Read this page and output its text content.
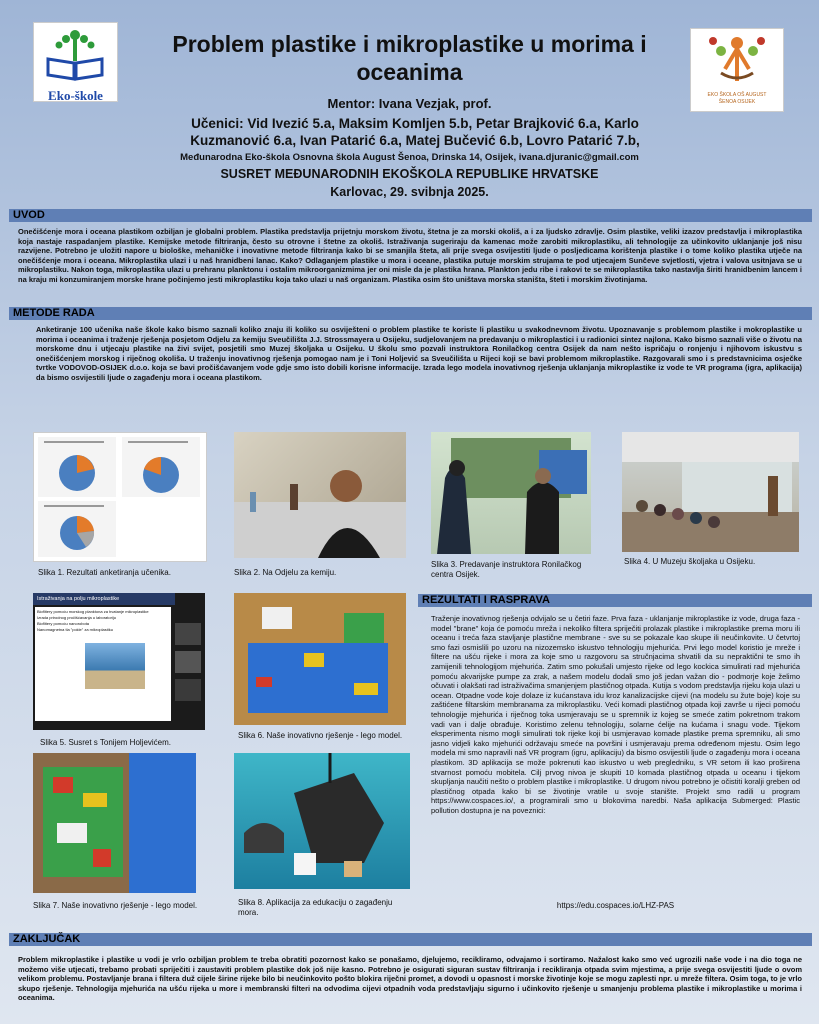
Eko-škole	EKO ŠKOLA OŠ AUGUST ŠENOA OSIJEK
Problem plastike i mikroplastike u morima i oceanima
Mentor: Ivana Vezjak, prof.
Učenici: Vid Ivezić 5.a, Maksim Komljen 5.b, Petar Brajković 6.a, Karlo Kuzmanović 6.a, Ivan Patarić 6.a, Matej Bučević 6.b, Lovro Patarić 7.b,
Međunarodna Eko-škola Osnovna škola August Šenoa, Drinska 14, Osijek, ivana.djuranic@gmail.com
SUSRET MEĐUNARODNIH EKOŠKOLA REPUBLIKE HRVATSKE
Karlovac, 29. svibnja 2025.
UVOD
Onečišćenje mora i oceana plastikom ozbiljan je globalni problem. Plastika predstavlja prijetnju morskom životu, štetna je za morski okoliš, a i za ljudsko zdravlje. Osim plastike, veliki izazov predstavlja i mikroplastika koja nastaje raspadanjem plastike. Kemijske metode filtriranja, često su otrovne i štetne za okoliš. Istraživanja sugeriraju da kamenac može zarobiti mikroplastiku, ali tehnologije za učinkovito uklanjanje još nisu razvijene. Potrebno je uložiti napore u biološke, mehaničke i inovativne metode filtriranja kako bi se smanjila šteta, ali prije svega osvijestiti ljude o posljedicama korištenja plastike i o tome koliko plastika utječe na onečišćenje mora i oceana. Mikroplastika ulazi i u naš hranidbeni lanac. Kako? Odlaganjem plastike u mora i oceane, plastika putuje morskim strujama te pod utjecajem Sunčeve svjetlosti, vjetra i valova usitnjava se u mikroplastiku. Nakon toga, mikroplastika ulazi u prehranu planktonu i ostalim mikroorganizmima jer oni misle da je plastika hrana. Plankton jedu ribe i rakovi te se mikroplastika tako nastavlja širiti hranidbenim lancem i na kraju mi konzumiranjem morske hrane počinjemo jesti mikroplastiku koja tako ulazi u naš organizam. Plastika osim što uništava morska staništa, šteti i morskim životinjama.
METODE RADA
Anketiranje 100 učenika naše škole kako bismo saznali koliko znaju ili koliko su osviješteni o problem plastike te koriste li plastiku u svakodnevnom životu. Upoznavanje s problemom plastike i mokroplastike u morima i oceanima i traženje rješenja posjetom Odjelu za kemiju Sveučilišta J.J. Strossmayera u Osijeku, sudjelovanjem na predavanju o mikroplastici i u radionici sintez najlona. Kako bismo saznali više o životu na morskome dnu i utjecaju plastike na živi svijet, posjetili smo Muzej školjaka u Osijeku. U školu smo pozvali instruktora Ronilačkog centra Osijek da nam nešto ispričaju o ronjenju i njihovom iskustvu s onečišćenjem morskog i riječnog okoliša. U traženju inovativnog rješenja pomogao nam je i Toni Holjević sa Sveučilišta u Rijeci koji se bavi problemom mikroplastike. Razgovarali smo i s predstavnicima osječke tvrtke VODOVOD-OSIJEK d.o.o. koja se bavi pročišćavanjem vode gdje smo isto dobili korisne informacije. Izrada lego modela inovativnog rješenja uklanjanja mikroplastike iz vode te VR programa (igra, aplikacija) da bismo osvijestili ljude o zagađenju mora i oceana plastikom.
Slika 1. Rezultati anketiranja učenika.	Slika 2. Na Odjelu za kemiju.
Slika 3. Predavanje instruktora Ronilačkog centra Osijek.
Slika 4. U Muzeju školjaka u Osijeku.
Istraživanja na polju mikroplastike
Bioflitery pomoću morskog planktona za hvatanje mikroplastike
Izrada prirodnog pročišćavanja u laboratoriju
Bioflitery pomoću nanorobota
Nanomagnetna tla "pokle" za mikroplastiku
Slika 5. Susret s Tonijem Holjevićem.
Slika 6. Naše inovativno rješenje - lego model.
Slika 7. Naše inovativno rješenje - lego model.	Slika 8. Aplikacija za edukaciju o zagađenju mora.
REZULTATI I RASPRAVA
Traženje inovativnog rješenja odvijalo se u četiri faze. Prva faza - uklanjanje mikroplastike iz vode, druga faza - model "brane" koja će pomoću mreža i nekoliko filtera spriječiti prolazak plastike i mikroplastike prema moru ili oceanu i treća faza stavljanje plastične membrane - sve su se pokazale kao skupe ili neučinkovite. U četvrtoj smo fazi osmislili po uzoru na nizozemsko iskustvo tehnologiju mjehurića. Prvi lego model koristio je mreže i filtere na ušću rijeke i mora za koje smo u razgovoru sa stručnjacima shvatili da su nepraktični te smo ih zamijenili tehnologijom mjehurića. Zatim smo pokušali umjesto rijeke od lego kockica simulirati rad mjehurića pomoću akvarijske pumpe za zrak, a našem modelu dodali smo još jedan važan dio - podmorje koje želimo očuvati i olakšati rad istraživačima smanjenjem plastičnog otpada. Kutija s vodom predstavlja rijeku koja ulazi u ocean. Otpadne vode koje dolaze iz kućanstava idu kroz kanalizacijske cijevi (na modelu su žute boje) koje su zaštićene filtarskim membranama za mikroplastiku. Veći komadi plastičnog otpada koji završe u rijeci pomoću tehnologije mjehurića i riječnog toka usmjeravaju se u spremnik iz kojeg se smeće zatim pokretnom trakom vadi van i dalje obrađuje. Koristimo zelenu tehnologiju, solarne ćelije na kućama i snagu vode. Tijekom eksperimenta nismo mogli simulirati tok rijeke koji bi usmjeravao komade plastike prema spremniku, ali smo jasno vidjeli kako mjehurići održavaju smeće na površini i usmjeravaju prema određenom mjestu. Osim lego modela mi smo napravili naš VR program (igru, aplikaciju) da bismo osvijestili ljude o zagađenju mora i oceana plastikom. 3D aplikacija se može pokrenuti kao iskustvo u web pregledniku, s VR setom ili kao proširena stvarnost pomoću mobitela. Cilj prvog nivoa je skupiti 10 komada plastičnog otpada u oceanu i tijekom skupljanja naučiti nešto o problem plastike i mikroplastike. U drugom nivou potrebno je očistiti koralji greben od plastičnog otpada kako bi se životinje vratile u svoje stanište. Projekt smo radili u program https://www.cospaces.io/, a programirali smo u blokovima naredbi. Naša aplikacija Submerged: Plastic pollution dostupna je na poveznici:
https://edu.cospaces.io/LHZ-PAS
ZAKLJUČAK
Problem mikroplastike i plastike u vodi je vrlo ozbiljan problem te treba obratiti pozornost kako se ponašamo, djelujemo, recikliramo, odvajamo i sortiramo. Nažalost kako smo već ugrozili naše vode i na dio toga ne možemo više utjecati, trebamo probati spriječiti i zaustaviti problem plastike dok još nije kasno. Potrebno je osigurati siguran sustav filtriranja i recikliranja otpada svim mjestima, a prije svega osvijestiti ljude o ovom velikom problemu. Postavljanje brana i filtera duž cijele širine rijeke bilo bi neučinkovito pošto blokira riječni promet, a dovodi u opasnost i morske životinje koje se mogu zaplesti npr. u mreže filtera. Osim toga, to je vrlo skupo rješenje. Tehnologija mjehurića na ušću rijeka u more i membranski filteri na odvodima cijevi otpadnih voda predstavljaju sigurno i učinkovito rješenje u smanjenju problema plastike i mikroplastike u morima i oceanima.
